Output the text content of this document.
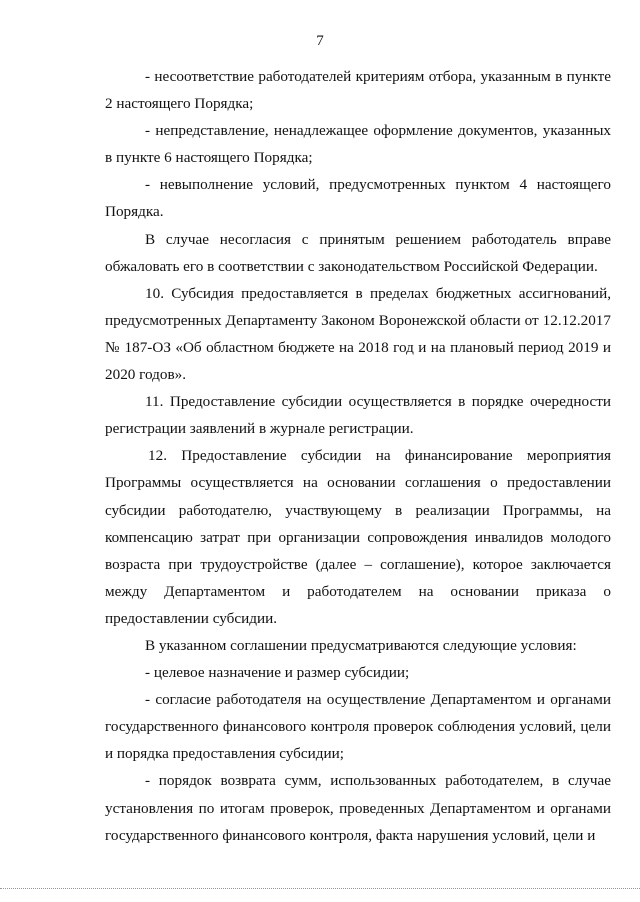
7

- несоответствие работодателей критериям отбора, указанным в пункте 2 настоящего Порядка;

- непредставление, ненадлежащее оформление документов, указанных в пункте 6 настоящего Порядка;

- невыполнение условий, предусмотренных пунктом 4 настоящего Порядка.

В случае несогласия с принятым решением работодатель вправе обжаловать его в соответствии с законодательством Российской Федерации.

10. Субсидия предоставляется в пределах бюджетных ассигнований, предусмотренных Департаменту Законом Воронежской области от 12.12.2017 № 187-ОЗ «Об областном бюджете на 2018 год и на плановый период 2019 и 2020 годов».

11. Предоставление субсидии осуществляется в порядке очередности регистрации заявлений в журнале регистрации.

12. Предоставление субсидии на финансирование мероприятия Программы осуществляется на основании соглашения о предоставлении субсидии работодателю, участвующему в реализации Программы, на компенсацию затрат при организации сопровождения инвалидов молодого возраста при трудоустройстве (далее – соглашение), которое заключается между Департаментом и работодателем на основании приказа о предоставлении субсидии.

В указанном соглашении предусматриваются следующие условия:

- целевое назначение и размер субсидии;

- согласие работодателя на осуществление Департаментом и органами государственного финансового контроля проверок соблюдения условий, цели и порядка предоставления субсидии;

- порядок возврата сумм, использованных работодателем, в случае установления по итогам проверок, проведенных Департаментом и органами государственного финансового контроля, факта нарушения условий, цели и
